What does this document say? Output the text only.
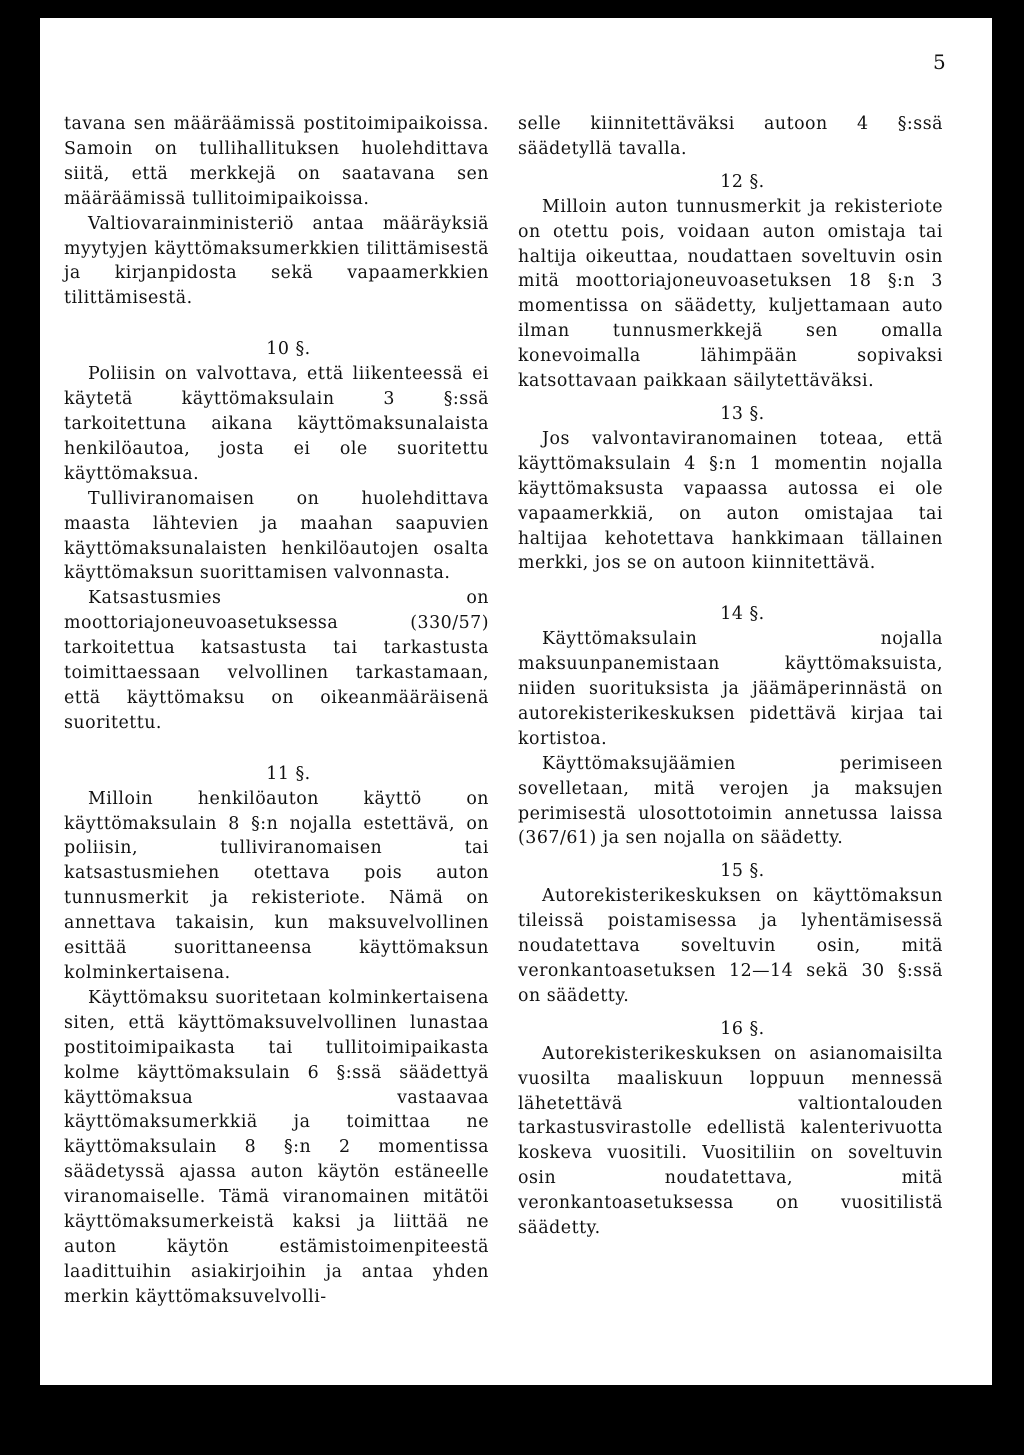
5

tavana sen määräämissä postitoimipaikoissa. Samoin on tullihallituksen huolehdittava siitä, että merkkejä on saatavana sen määräämissä tullitoimipaikoissa.

Valtiovarainministeriö antaa määräyksiä myytyjen käyttömaksumerkkien tilittämisestä ja kirjanpidosta sekä vapaamerkkien tilittämisestä.

10 §.

Poliisin on valvottava, että liikenteessä ei käytetä käyttömaksulain 3 §:ssä tarkoitettuna aikana käyttömaksunalaista henkilöautoa, josta ei ole suoritettu käyttömaksua.

Tulliviranomaisen on huolehdittava maasta lähtevien ja maahan saapuvien käyttömaksunalaisten henkilöautojen osalta käyttömaksun suorittamisen valvonnasta.

Katsastusmies on moottoriajoneuvoasetuksessa (330/57) tarkoitettua katsastusta tai tarkastusta toimittaessaan velvollinen tarkastamaan, että käyttömaksu on oikeanmääräisenä suoritettu.

11 §.

Milloin henkilöauton käyttö on käyttömaksulain 8 §:n nojalla estettävä, on poliisin, tulliviranomaisen tai katsastusmiehen otettava pois auton tunnusmerkit ja rekisteriote. Nämä on annettava takaisin, kun maksuvelvollinen esittää suorittaneensa käyttömaksun kolminkertaisena.

Käyttömaksu suoritetaan kolminkertaisena siten, että käyttömaksuvelvollinen lunastaa postitoimipaikasta tai tullitoimipaikasta kolme käyttömaksulain 6 §:ssä säädettyä käyttömaksua vastaavaa käyttömaksumerkkiä ja toimittaa ne käyttömaksulain 8 §:n 2 momentissa säädetyssä ajassa auton käytön estäneelle viranomaiselle. Tämä viranomainen mitätöi käyttömaksumerkeistä kaksi ja liittää ne auton käytön estämistoimenpiteestä laadittuihin asiakirjoihin ja antaa yhden merkin käyttömaksuvelvolli-

selle kiinnitettäväksi autoon 4 §:ssä säädetyllä tavalla.

12 §.

Milloin auton tunnusmerkit ja rekisteriote on otettu pois, voidaan auton omistaja tai haltija oikeuttaa, noudattaen soveltuvin osin mitä moottoriajoneuvoasetuksen 18 §:n 3 momentissa on säädetty, kuljettamaan auto ilman tunnusmerkkejä sen omalla konevoimalla lähimpään sopivaksi katsottavaan paikkaan säilytettäväksi.

13 §.

Jos valvontaviranomainen toteaa, että käyttömaksulain 4 §:n 1 momentin nojalla käyttömaksusta vapaassa autossa ei ole vapaamerkkiä, on auton omistajaa tai haltijaa kehotettava hankkimaan tällainen merkki, jos se on autoon kiinnitettävä.

14 §.

Käyttömaksulain nojalla maksuunpanemistaan käyttömaksuista, niiden suorituksista ja jäämäperinnästä on autorekisterikeskuksen pidettävä kirjaa tai kortistoa.

Käyttömaksujäämien perimiseen sovelletaan, mitä verojen ja maksujen perimisestä ulosottotoimin annetussa laissa (367/61) ja sen nojalla on säädetty.

15 §.

Autorekisterikeskuksen on käyttömaksun tileissä poistamisessa ja lyhentämisessä noudatettava soveltuvin osin, mitä veronkantoasetuksen 12—14 sekä 30 §:ssä on säädetty.

16 §.

Autorekisterikeskuksen on asianomaisilta vuosilta maaliskuun loppuun mennessä lähetettävä valtiontalouden tarkastusvirastolle edellistä kalenterivuotta koskeva vuositili. Vuositiliin on soveltuvin osin noudatettava, mitä veronkantoasetuksessa on vuositilistä säädetty.
